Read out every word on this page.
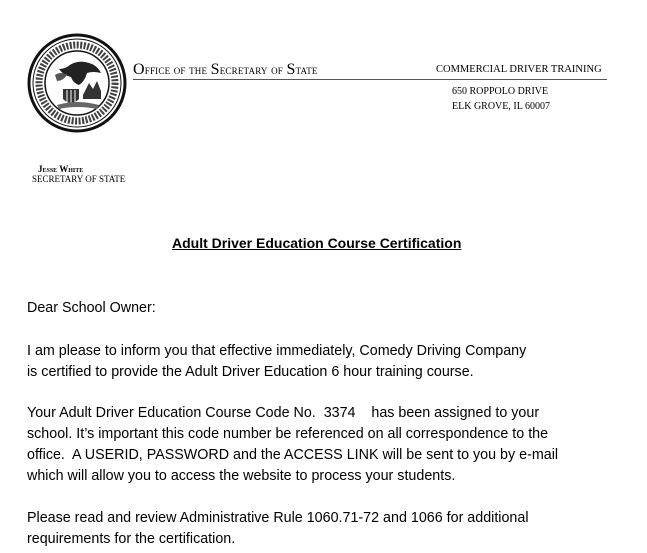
Office of the Secretary of State	COMMERCIAL DRIVER TRAINING
650 ROPPOLO DRIVE
ELK GROVE, IL 60007
Jesse White
SECRETARY OF STATE
Adult Driver Education Course Certification
Dear School Owner:
I am please to inform you that effective immediately, Comedy Driving Company
is certified to provide the Adult Driver Education 6 hour training course.
Your Adult Driver Education Course Code No.  3374    has been assigned to your
school. It’s important this code number be referenced on all correspondence to the
office.  A USERID, PASSWORD and the ACCESS LINK will be sent to you by e-mail
which will allow you to access the website to process your students.
Please read and review Administrative Rule 1060.71-72 and 1066 for additional
requirements for the certification.
